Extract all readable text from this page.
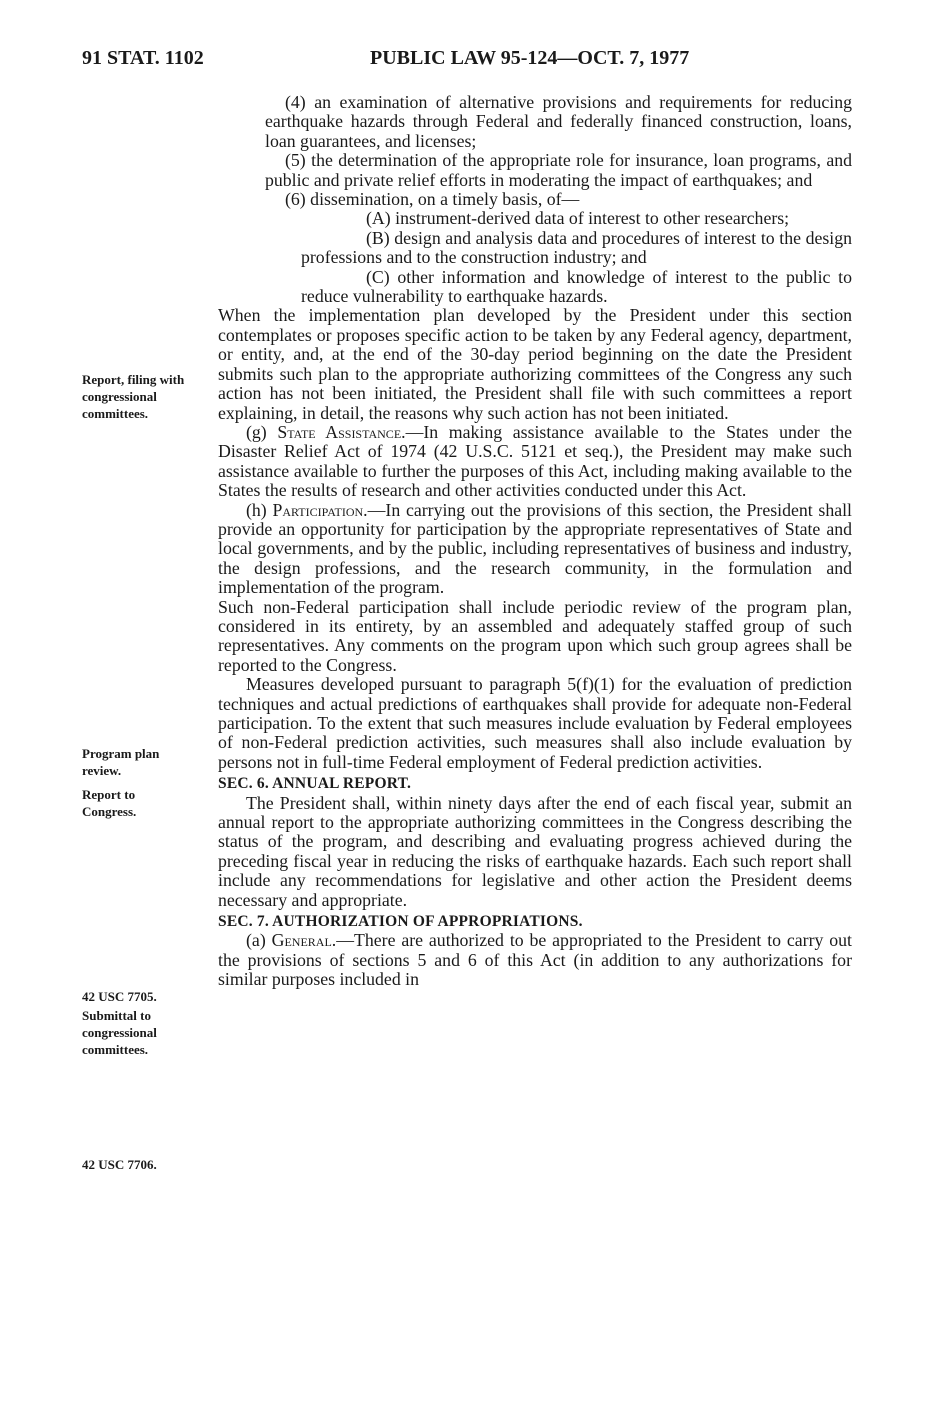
91 STAT. 1102	PUBLIC LAW 95-124—OCT. 7, 1977
Report, filing with congressional committees.
Program plan review.
Report to Congress.
42 USC 7705.
Submittal to congressional committees.
42 USC 7706.

(4) an examination of alternative provisions and requirements for reducing earthquake hazards through Federal and federally financed construction, loans, loan guarantees, and licenses;

(5) the determination of the appropriate role for insurance, loan programs, and public and private relief efforts in moderating the impact of earthquakes; and

(6) dissemination, on a timely basis, of—

(A) instrument-derived data of interest to other researchers;

(B) design and analysis data and procedures of interest to the design professions and to the construction industry; and

(C) other information and knowledge of interest to the public to reduce vulnerability to earthquake hazards.

When the implementation plan developed by the President under this section contemplates or proposes specific action to be taken by any Federal agency, department, or entity, and, at the end of the 30-day period beginning on the date the President submits such plan to the appropriate authorizing committees of the Congress any such action has not been initiated, the President shall file with such committees a report explaining, in detail, the reasons why such action has not been initiated.

(g) State Assistance.—In making assistance available to the States under the Disaster Relief Act of 1974 (42 U.S.C. 5121 et seq.), the President may make such assistance available to further the purposes of this Act, including making available to the States the results of research and other activities conducted under this Act.

(h) Participation.—In carrying out the provisions of this section, the President shall provide an opportunity for participation by the appropriate representatives of State and local governments, and by the public, including representatives of business and industry, the design professions, and the research community, in the formulation and implementation of the program.

Such non-Federal participation shall include periodic review of the program plan, considered in its entirety, by an assembled and adequately staffed group of such representatives. Any comments on the program upon which such group agrees shall be reported to the Congress.

Measures developed pursuant to paragraph 5(f)(1) for the evaluation of prediction techniques and actual predictions of earthquakes shall provide for adequate non-Federal participation. To the extent that such measures include evaluation by Federal employees of non-Federal prediction activities, such measures shall also include evaluation by persons not in full-time Federal employment of Federal prediction activities.

SEC. 6. ANNUAL REPORT.

The President shall, within ninety days after the end of each fiscal year, submit an annual report to the appropriate authorizing committees in the Congress describing the status of the program, and describing and evaluating progress achieved during the preceding fiscal year in reducing the risks of earthquake hazards. Each such report shall include any recommendations for legislative and other action the President deems necessary and appropriate.

SEC. 7. AUTHORIZATION OF APPROPRIATIONS.

(a) General.—There are authorized to be appropriated to the President to carry out the provisions of sections 5 and 6 of this Act (in addition to any authorizations for similar purposes included in
